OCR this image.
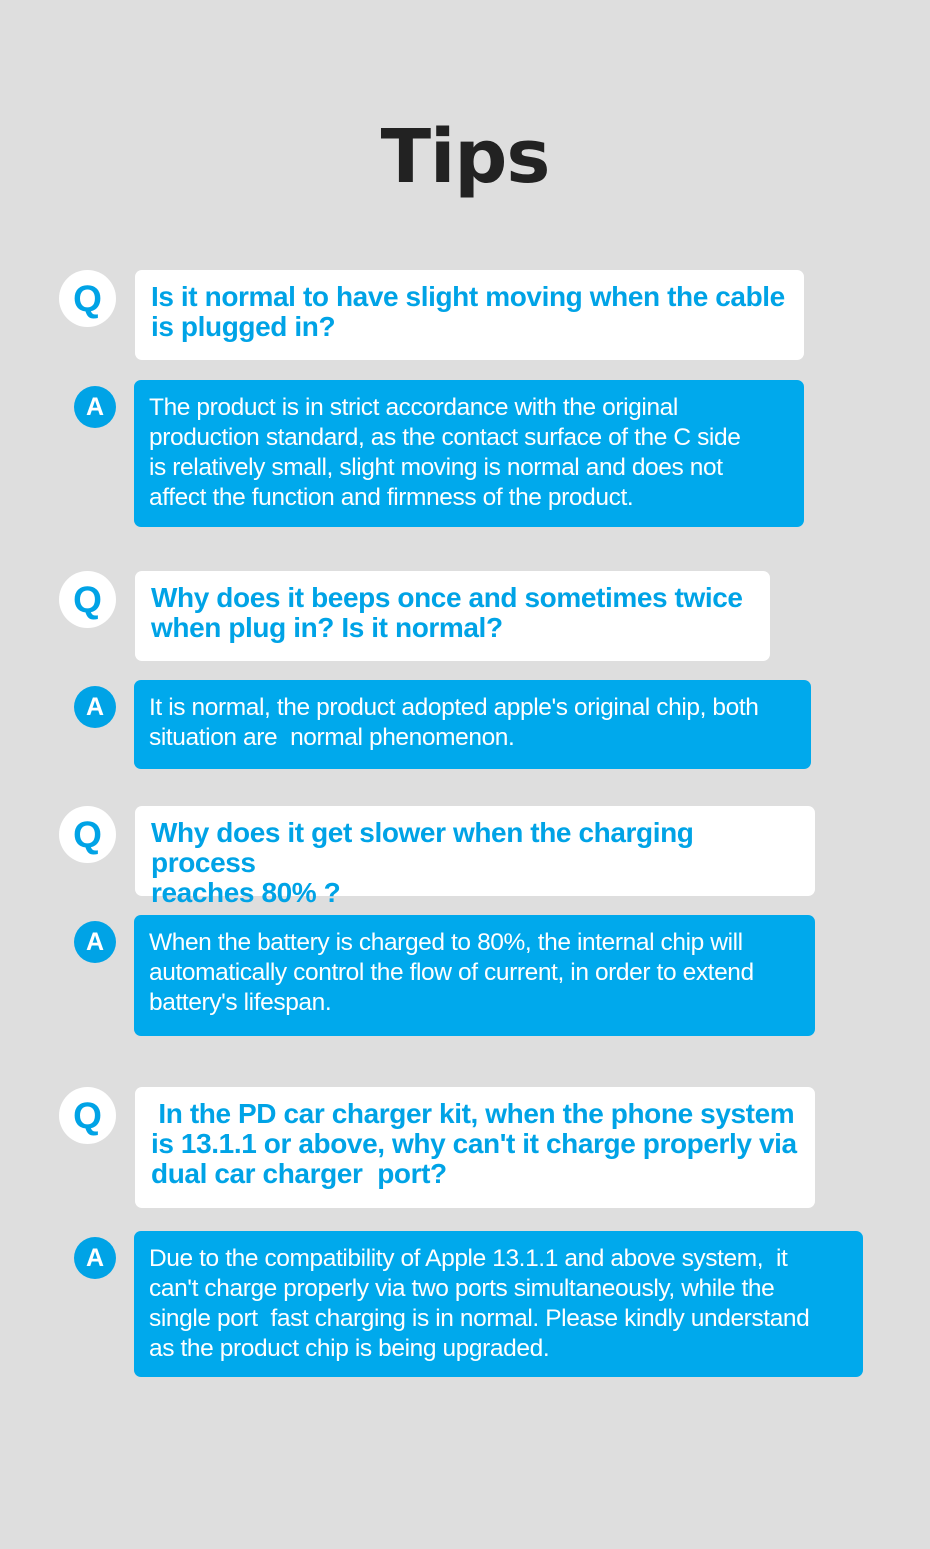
Tips
Q	Is it normal to have slight moving when the cable
is plugged in?
A	The product is in strict accordance with the original
production standard, as the contact surface of the C side
is relatively small, slight moving is normal and does not
affect the function and firmness of the product.
Q	Why does it beeps once and sometimes twice
when plug in? Is it normal?
A	It is normal, the product adopted apple's original chip, both
situation are  normal phenomenon.
Q	Why does it get slower when the charging process
reaches 80% ?
A	When the battery is charged to 80%, the internal chip will
automatically control the flow of current, in order to extend
battery's lifespan.
Q	In the PD car charger kit, when the phone system
is 13.1.1 or above, why can't it charge properly via
dual car charger  port?
A	Due to the compatibility of Apple 13.1.1 and above system,  it
can't charge properly via two ports simultaneously, while the
single port  fast charging is in normal. Please kindly understand
as the product chip is being upgraded.
